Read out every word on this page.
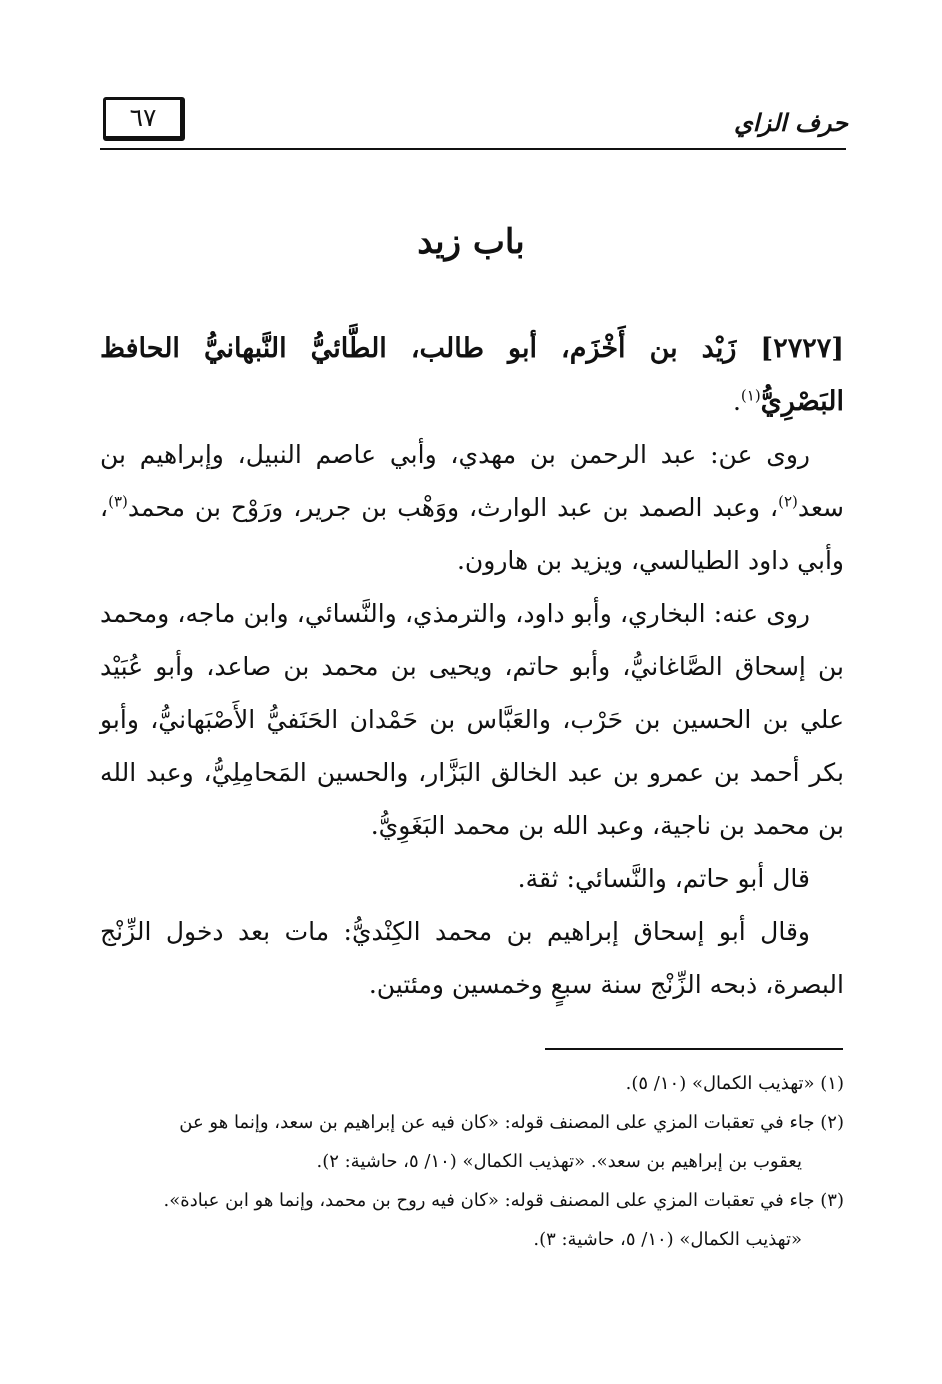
٦٧	حرف الزاي
باب زيد

[٢٧٢٧] زَيْد بن أَخْزَم، أبو طالب، الطَّائيُّ النَّبهانيُّ الحافظ البَصْرِيُّ$^{(١)}$.

روى عن: عبد الرحمن بن مهدي، وأبي عاصم النبيل، وإبراهيم بن سعد$^{(٢)}$، وعبد الصمد بن عبد الوارث، ووَهْب بن جرير، ورَوْح بن محمد$^{(٣)}$، وأبي داود الطيالسي، ويزيد بن هارون.

روى عنه: البخاري، وأبو داود، والترمذي، والنَّسائي، وابن ماجه، ومحمد بن إسحاق الصَّاغانيُّ، وأبو حاتم، ويحيى بن محمد بن صاعد، وأبو عُبَيْد علي بن الحسين بن حَرْب، والعَبَّاس بن حَمْدان الحَنَفيُّ الأَصْبَهانيُّ، وأبو بكر أحمد بن عمرو بن عبد الخالق البَزَّار، والحسين المَحامِلِيُّ، وعبد الله بن محمد بن ناجية، وعبد الله بن محمد البَغَوِيُّ.

قال أبو حاتم، والنَّسائي: ثقة.

وقال أبو إسحاق إبراهيم بن محمد الكِنْديُّ: مات بعد دخول الزِّنْج البصرة، ذبحه الزِّنْج سنة سبعٍ وخمسين ومئتين.

(١) «تهذيب الكمال» (١٠/ ٥).

(٢) جاء في تعقبات المزي على المصنف قوله: «كان فيه عن إبراهيم بن سعد، وإنما هو عن

يعقوب بن إبراهيم بن سعد». «تهذيب الكمال» (١٠/ ٥، حاشية: ٢).

(٣) جاء في تعقبات المزي على المصنف قوله: «كان فيه روح بن محمد، وإنما هو ابن عبادة».

«تهذيب الكمال» (١٠/ ٥، حاشية: ٣).
